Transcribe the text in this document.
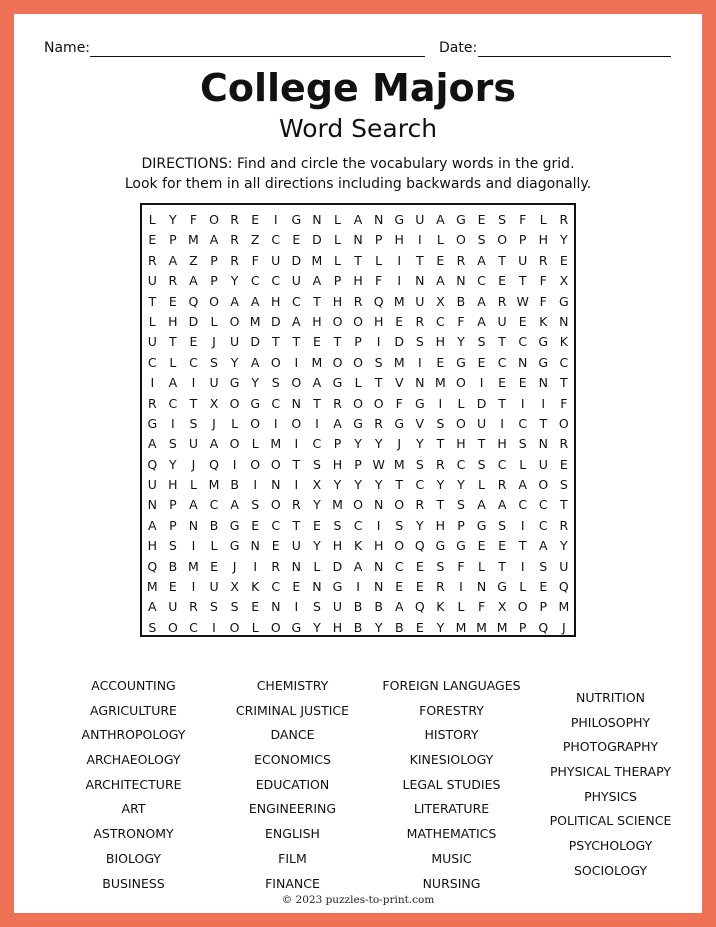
Name:	Date:
College Majors
Word Search
DIRECTIONS: Find and circle the vocabulary words in the grid.
Look for them in all directions including backwards and diagonally.
L	Y	F O R E	I	G N L	A N G U A G E	S	F	L	R
E	P M A R Z C E D L N P H	I	L O S O P H Y
R A Z	P R	F U D M L	T	L	I	T	E R A T U R E
U R A	P	Y C C U A	P H F	I	N A N C E	T	F	X
T	E Q O A A H C T H R Q M U X B A R W F G
L H D L O M D A H O O H E R C	F	A U E	K N
U T	E	J	U D T	T	E	T	P	I	D S H Y	S	T C G K
C	L	C S	Y A O	I	M O O S M	I	E G E C N G C
I	A	I	U G Y	S O A G L	T V N M O	I	E	E N T
R C T X O G C N T R O O F G	I	L D T	I	I	F
G	I	S	J	L O	I	O	I	A G R G V S O U	I	C T O
A S U A O L M	I	C P	Y	Y	J	Y	T H T H S N R
Q Y	J	Q	I	O O T	S H P W M S R C S C	L	U E
U H L M B	I	N	I	X Y	Y	Y	T C Y	Y	L	R A O S
N P	A C A S O R Y M O N O R T	S A A C C T
A	P N B G E C T	E	S C	I	S	Y H P G S	I	C R
H S	I	L G N E U Y H K H O Q G G E	E	T A Y
Q B M E	J	I	R N L D A N C E	S	F	L	T	I	S U
M E	I	U X K C E N G	I	N E	E R	I	N G L	E Q
A U R S	S	E N	I	S U B B A Q K	L	F	X O P M
S O C	I	O L O G Y H B Y B E	Y M M M P Q	J
ACCOUNTING
AGRICULTURE
ANTHROPOLOGY
ARCHAEOLOGY
ARCHITECTURE
ART
ASTRONOMY
BIOLOGY
BUSINESS
CHEMISTRY
CRIMINAL JUSTICE
DANCE
ECONOMICS
EDUCATION
ENGINEERING
ENGLISH
FILM
FINANCE
FOREIGN LANGUAGES
FORESTRY
HISTORY
KINESIOLOGY
LEGAL STUDIES
LITERATURE
MATHEMATICS
MUSIC
NURSING
NUTRITION
PHILOSOPHY
PHOTOGRAPHY
PHYSICAL THERAPY
PHYSICS
POLITICAL SCIENCE
PSYCHOLOGY
SOCIOLOGY
© 2023 puzzles-to-print.com
